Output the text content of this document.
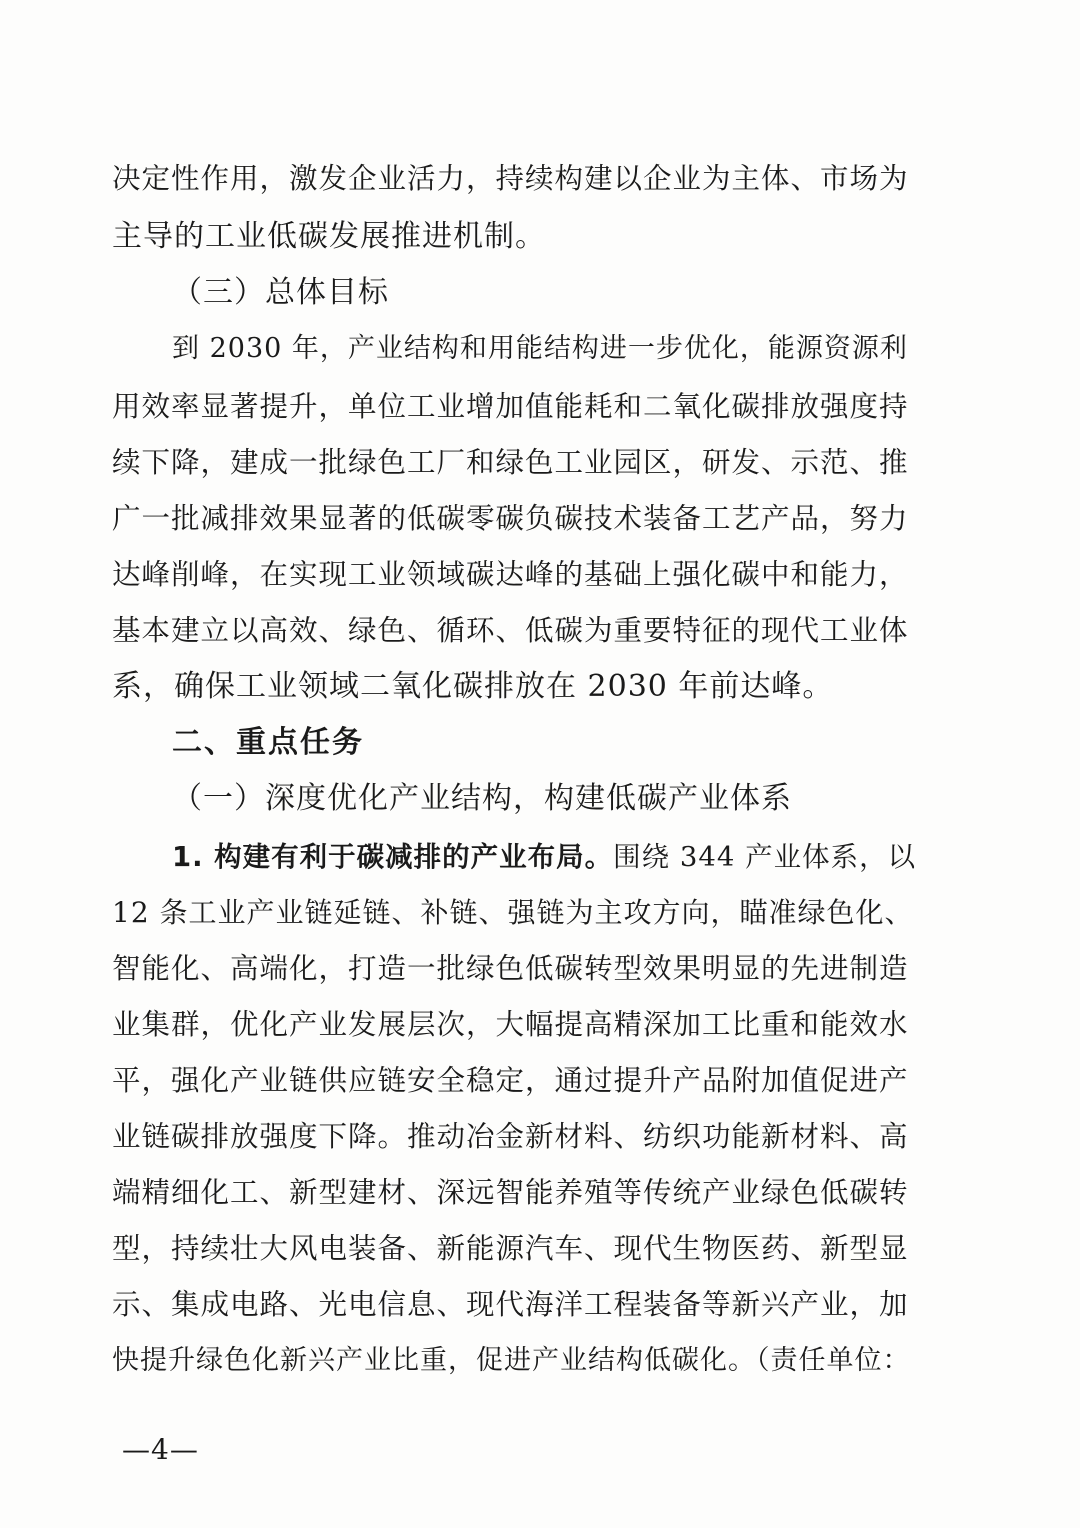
决定性作用，激发企业活力，持续构建以企业为主体、市场为
主导的工业低碳发展推进机制。
（三）总体目标
到 2030 年，产业结构和用能结构进一步优化，能源资源利
用效率显著提升，单位工业增加值能耗和二氧化碳排放强度持
续下降，建成一批绿色工厂和绿色工业园区，研发、示范、推
广一批减排效果显著的低碳零碳负碳技术装备工艺产品，努力
达峰削峰，在实现工业领域碳达峰的基础上强化碳中和能力，
基本建立以高效、绿色、循环、低碳为重要特征的现代工业体
系，确保工业领域二氧化碳排放在 2030 年前达峰。
二、重点任务
（一）深度优化产业结构，构建低碳产业体系
1. 构建有利于碳减排的产业布局。围绕 344 产业体系，以
12 条工业产业链延链、补链、强链为主攻方向，瞄准绿色化、
智能化、高端化，打造一批绿色低碳转型效果明显的先进制造
业集群，优化产业发展层次，大幅提高精深加工比重和能效水
平，强化产业链供应链安全稳定，通过提升产品附加值促进产
业链碳排放强度下降。推动冶金新材料、纺织功能新材料、高
端精细化工、新型建材、深远智能养殖等传统产业绿色低碳转
型，持续壮大风电装备、新能源汽车、现代生物医药、新型显
示、集成电路、光电信息、现代海洋工程装备等新兴产业，加
快提升绿色化新兴产业比重，促进产业结构低碳化。（责任单位：
—4—
